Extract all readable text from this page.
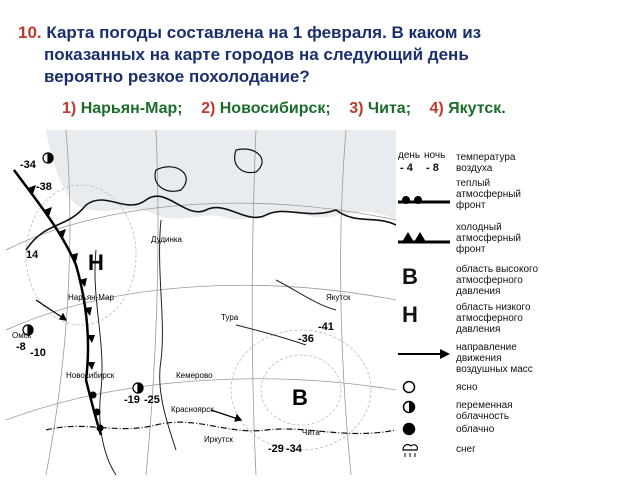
10. Карта погоды составлена на 1 февраля. В каком из
показанных на карте городов на следующий день
вероятно резкое похолодание?
1) Нарьян-Мар; 2) Новосибирск; 3) Чита; 4) Якутск.
Н
В
-34
-38
14
-36
-41
-19 -25
-8 -10
-29 -34
Дудинка
Тура
Якутск
Кемерово
Новосибирск
Красноярск
Иркутск
Чита
Нарьян-Мар
Омск
день ночь
- 4 - 8
температура воздуха
теплый атмосферный фронт
холодный атмосферный фронт
В	область высокого атмосферного давления
Н	область низкого атмосферного давления
направление движения воздушных масс
ясно
переменная облачность
облачно
снег
